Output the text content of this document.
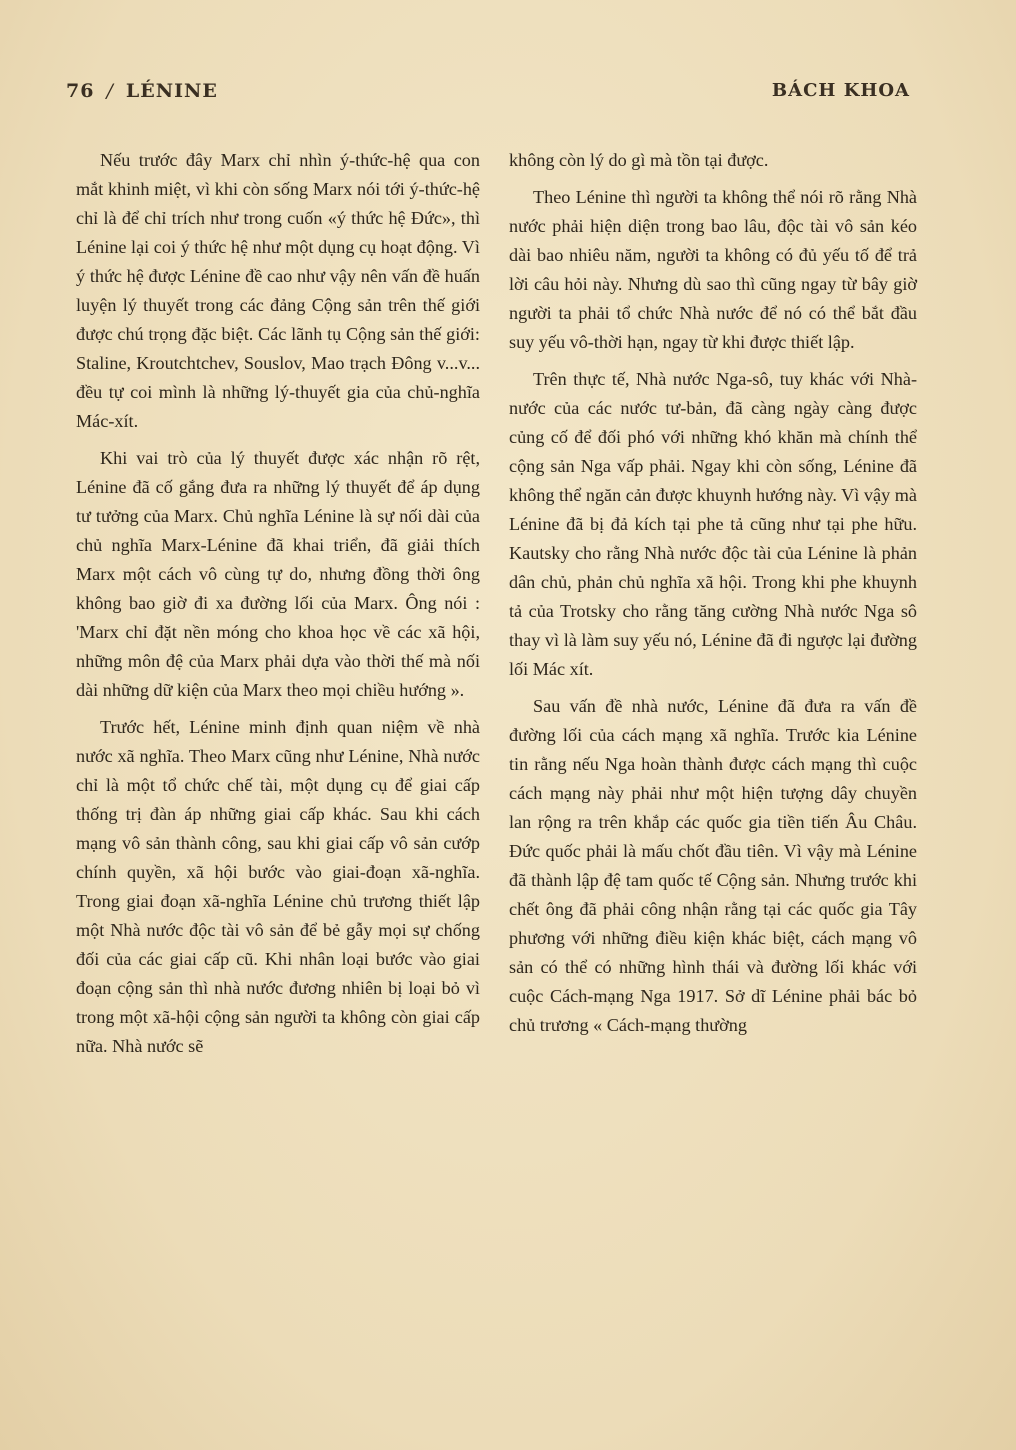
76 / LÉNINE	BÁCH KHOA

Nếu trước đây Marx chỉ nhìn ý-thức-hệ qua con mắt khinh miệt, vì khi còn sống Marx nói tới ý-thức-hệ chỉ là để chỉ trích như trong cuốn «ý thức hệ Đức», thì Lénine lại coi ý thức hệ như một dụng cụ hoạt động. Vì ý thức hệ được Lénine đề cao như vậy nên vấn đề huấn luyện lý thuyết trong các đảng Cộng sản trên thế giới được chú trọng đặc biệt. Các lãnh tụ Cộng sản thế giới: Staline, Kroutchtchev, Souslov, Mao trạch Đông v...v... đều tự coi mình là những lý-thuyết gia của chủ-nghĩa Mác-xít.

Khi vai trò của lý thuyết được xác nhận rõ rệt, Lénine đã cố gắng đưa ra những lý thuyết để áp dụng tư tưởng của Marx. Chủ nghĩa Lénine là sự nối dài của chủ nghĩa Marx-Lénine đã khai triển, đã giải thích Marx một cách vô cùng tự do, nhưng đồng thời ông không bao giờ đi xa đường lối của Marx. Ông nói : 'Marx chỉ đặt nền móng cho khoa học về các xã hội, những môn đệ của Marx phải dựa vào thời thế mà nối dài những dữ kiện của Marx theo mọi chiều hướng ».

Trước hết, Lénine minh định quan niệm về nhà nước xã nghĩa. Theo Marx cũng như Lénine, Nhà nước chỉ là một tổ chức chế tài, một dụng cụ để giai cấp thống trị đàn áp những giai cấp khác. Sau khi cách mạng vô sản thành công, sau khi giai cấp vô sản cướp chính quyền, xã hội bước vào giai-đoạn xã-nghĩa. Trong giai đoạn xã-nghĩa Lénine chủ trương thiết lập một Nhà nước độc tài vô sản để bẻ gẫy mọi sự chống đối của các giai cấp cũ. Khi nhân loại bước vào giai đoạn cộng sản thì nhà nước đương nhiên bị loại bỏ vì trong một xã-hội cộng sản người ta không còn giai cấp nữa. Nhà nước sẽ

không còn lý do gì mà tồn tại được.

Theo Lénine thì người ta không thể nói rõ rằng Nhà nước phải hiện diện trong bao lâu, độc tài vô sản kéo dài bao nhiêu năm, người ta không có đủ yếu tố để trả lời câu hỏi này. Nhưng dù sao thì cũng ngay từ bây giờ người ta phải tổ chức Nhà nước để nó có thể bắt đầu suy yếu vô-thời hạn, ngay từ khi được thiết lập.

Trên thực tế, Nhà nước Nga-sô, tuy khác với Nhà-nước của các nước tư-bản, đã càng ngày càng được củng cố để đối phó với những khó khăn mà chính thể cộng sản Nga vấp phải. Ngay khi còn sống, Lénine đã không thể ngăn cản được khuynh hướng này. Vì vậy mà Lénine đã bị đả kích tại phe tả cũng như tại phe hữu. Kautsky cho rằng Nhà nước độc tài của Lénine là phản dân chủ, phản chủ nghĩa xã hội. Trong khi phe khuynh tả của Trotsky cho rằng tăng cường Nhà nước Nga sô thay vì là làm suy yếu nó, Lénine đã đi ngược lại đường lối Mác xít.

Sau vấn đề nhà nước, Lénine đã đưa ra vấn đề đường lối của cách mạng xã nghĩa. Trước kia Lénine tin rằng nếu Nga hoàn thành được cách mạng thì cuộc cách mạng này phải như một hiện tượng dây chuyền lan rộng ra trên khắp các quốc gia tiền tiến Âu Châu. Đức quốc phải là mấu chốt đầu tiên. Vì vậy mà Lénine đã thành lập đệ tam quốc tế Cộng sản. Nhưng trước khi chết ông đã phải công nhận rằng tại các quốc gia Tây phương với những điều kiện khác biệt, cách mạng vô sản có thể có những hình thái và đường lối khác với cuộc Cách-mạng Nga 1917. Sở dĩ Lénine phải bác bỏ chủ trương « Cách-mạng thường
